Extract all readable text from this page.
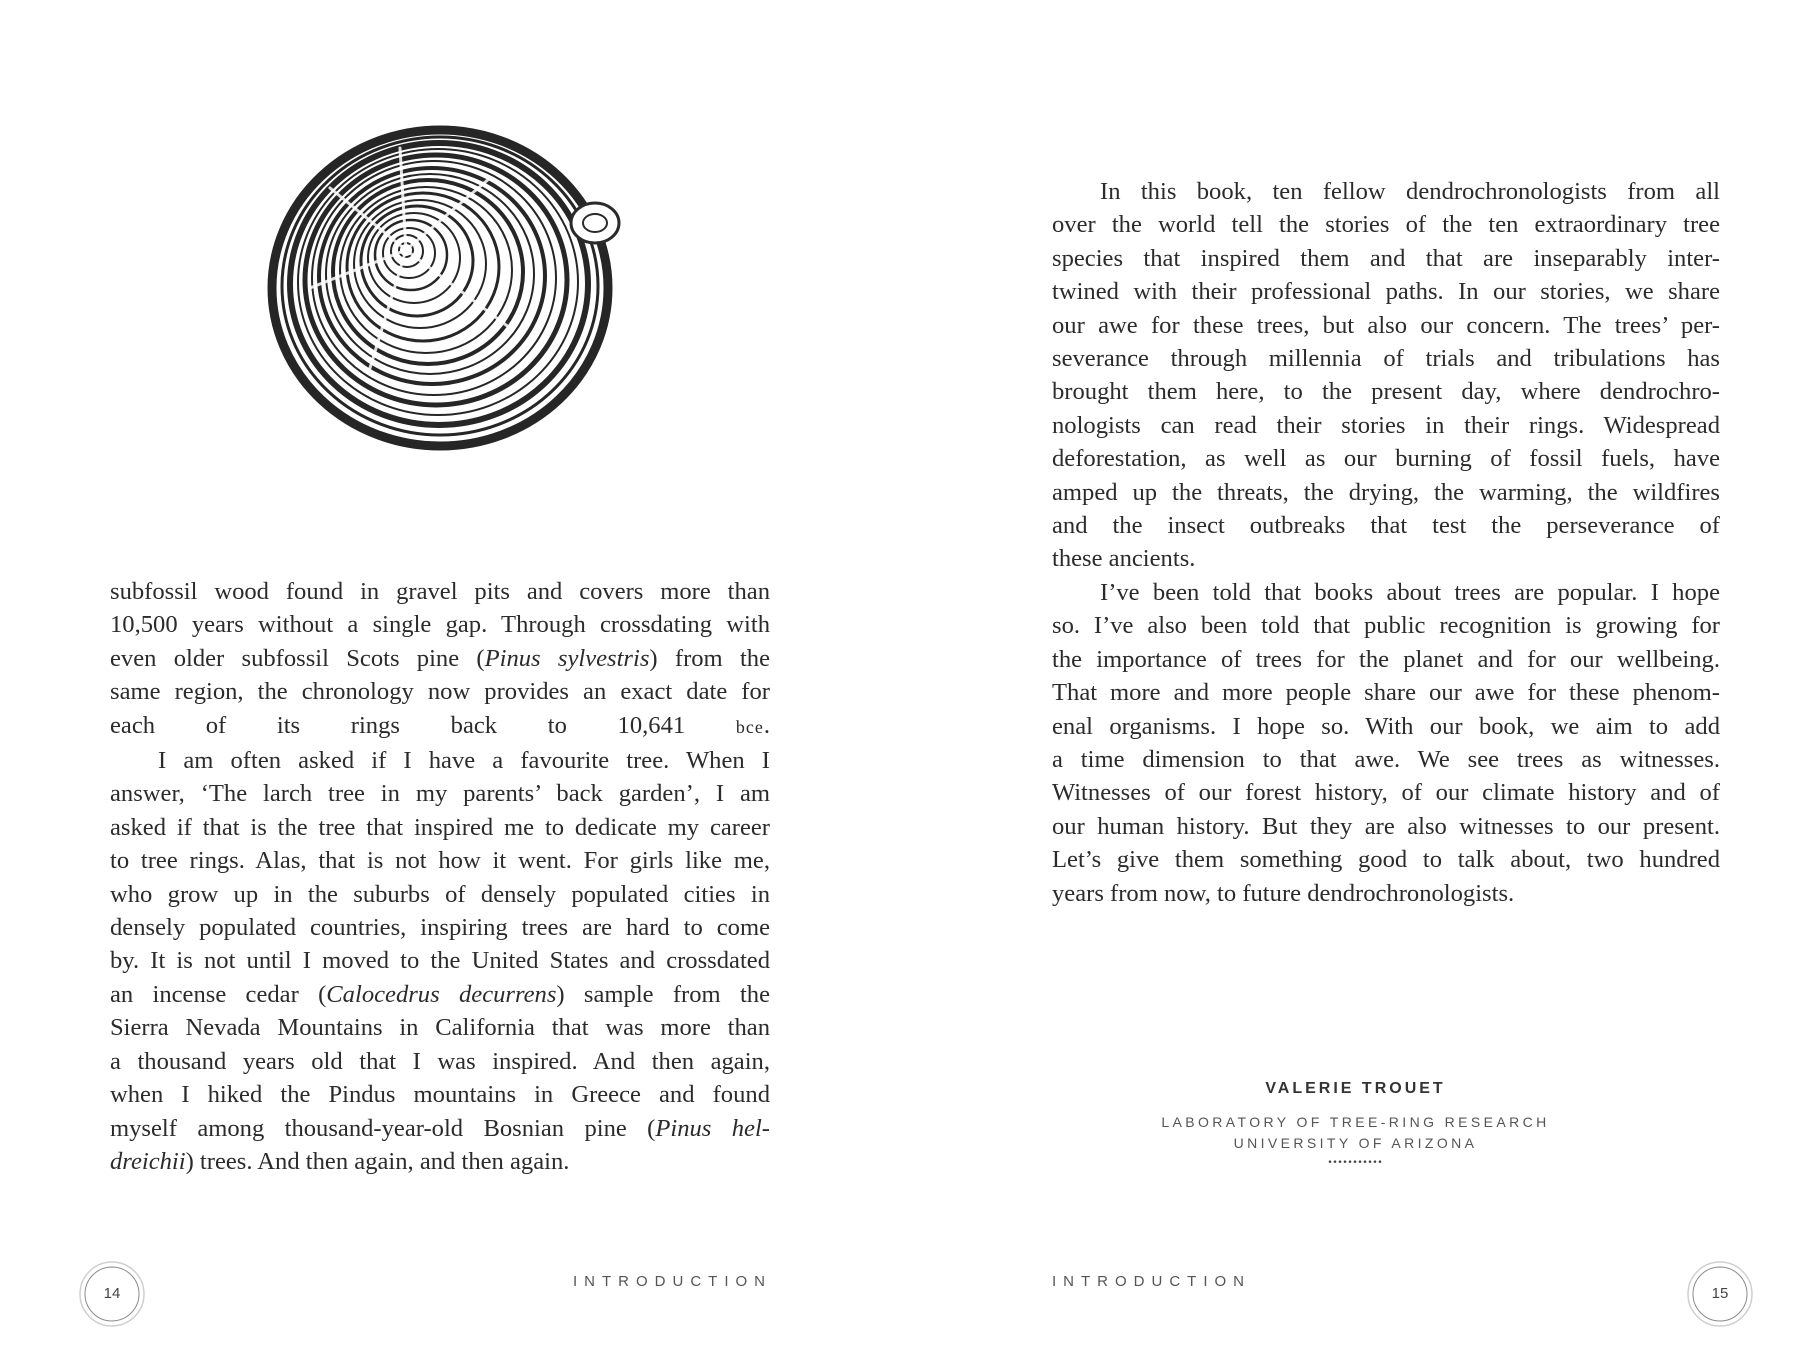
subfossil wood found in gravel pits and covers more than
10,500 years without a single gap. Through crossdating with
even older subfossil Scots pine (Pinus sylvestris) from the
same region, the chronology now provides an exact date for
each of its rings back to 10,641 bce.
I am often asked if I have a favourite tree. When I
answer, ‘The larch tree in my parents’ back garden’, I am
asked if that is the tree that inspired me to dedicate my career
to tree rings. Alas, that is not how it went. For girls like me,
who grow up in the suburbs of densely populated cities in
densely populated countries, inspiring trees are hard to come
by. It is not until I moved to the United States and crossdated
an incense cedar (Calocedrus decurrens) sample from the
Sierra Nevada Mountains in California that was more than
a thousand years old that I was inspired. And then again,
when I hiked the Pindus mountains in Greece and found
myself among thousand-year-old Bosnian pine (Pinus hel-
dreichii) trees. And then again, and then again.
14
INTRODUCTION
In this book, ten fellow dendrochronologists from all
over the world tell the stories of the ten extraordinary tree
species that inspired them and that are inseparably inter-
twined with their professional paths. In our stories, we share
our awe for these trees, but also our concern. The trees’ per-
severance through millennia of trials and tribulations has
brought them here, to the present day, where dendrochro-
nologists can read their stories in their rings. Widespread
deforestation, as well as our burning of fossil fuels, have
amped up the threats, the drying, the warming, the wildfires
and the insect outbreaks that test the perseverance of
these ancients.
I’ve been told that books about trees are popular. I hope
so. I’ve also been told that public recognition is growing for
the importance of trees for the planet and for our wellbeing.
That more and more people share our awe for these phenom-
enal organisms. I hope so. With our book, we aim to add
a time dimension to that awe. We see trees as witnesses.
Witnesses of our forest history, of our climate history and of
our human history. But they are also witnesses to our present.
Let’s give them something good to talk about, two hundred
years from now, to future dendrochronologists.
VALERIE TROUET
LABORATORY OF TREE-RING RESEARCH
UNIVERSITY OF ARIZONA
...........
INTRODUCTION
15
